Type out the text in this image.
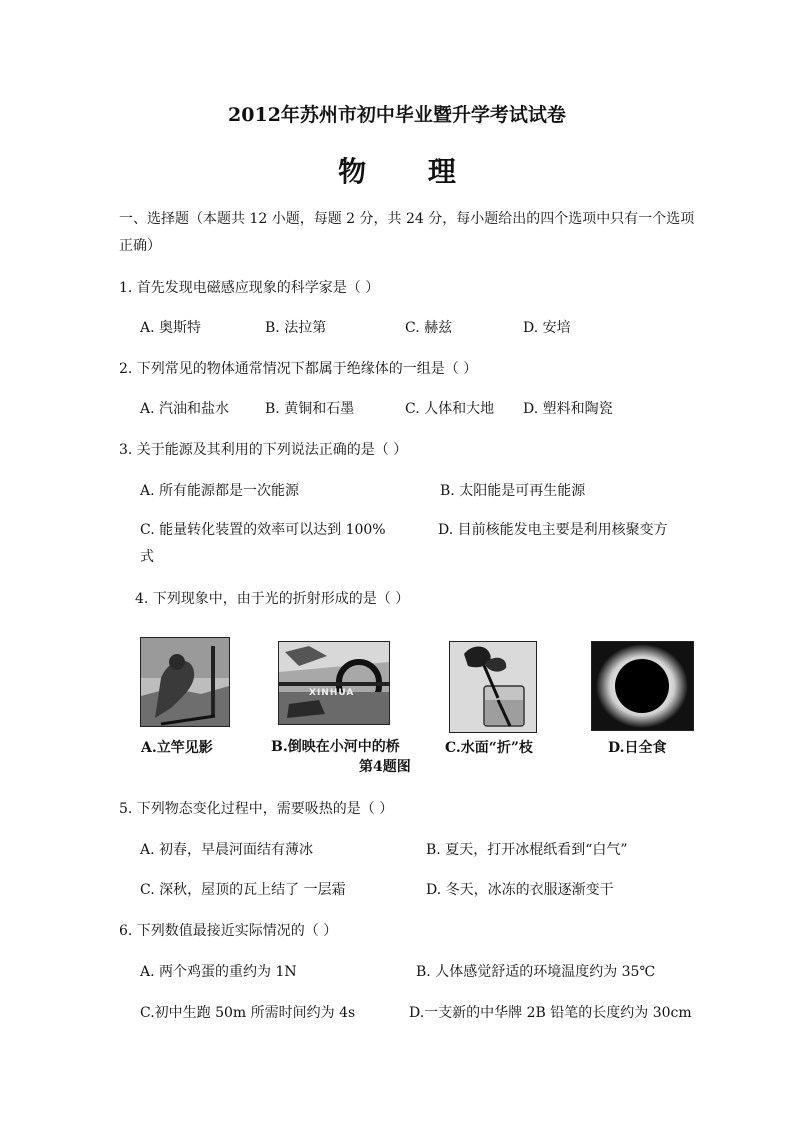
2012年苏州市初中毕业暨升学考试试卷
物 理
一、选择题（本题共 12 小题，每题 2 分，共 24 分，每小题给出的四个选项中只有一个选项
正确）
1. 首先发现电磁感应现象的科学家是（ ）
A. 奥斯特	B. 法拉第	C. 赫兹	D. 安培
2. 下列常见的物体通常情况下都属于绝缘体的一组是（ ）
A. 汽油和盐水	B. 黄铜和石墨	C. 人体和大地 D. 塑料和陶瓷
3. 关于能源及其利用的下列说法正确的是（ ）
A. 所有能源都是一次能源	B. 太阳能是可再生能源
C. 能量转化装置的效率可以达到 100%	D. 目前核能发电主要是利用核聚变方
式
4. 下列现象中，由于光的折射形成的是（ ）
XINHUA
A.立竿见影	B.倒映在小河中的桥	C.水面“折”枝	D.日全食
第4题图
5. 下列物态变化过程中，需要吸热的是（ ）
A. 初春，早晨河面结有薄冰	B. 夏天，打开冰棍纸看到“白气”
C. 深秋，屋顶的瓦上结了 一层霜	D. 冬天，冰冻的衣服逐渐变干
6. 下列数值最接近实际情况的（ ）
A. 两个鸡蛋的重约为 1N	B. 人体感觉舒适的环境温度约为 35℃
C.初中生跑 50m 所需时间约为 4s	D.一支新的中华牌 2B 铅笔的长度约为 30cm
